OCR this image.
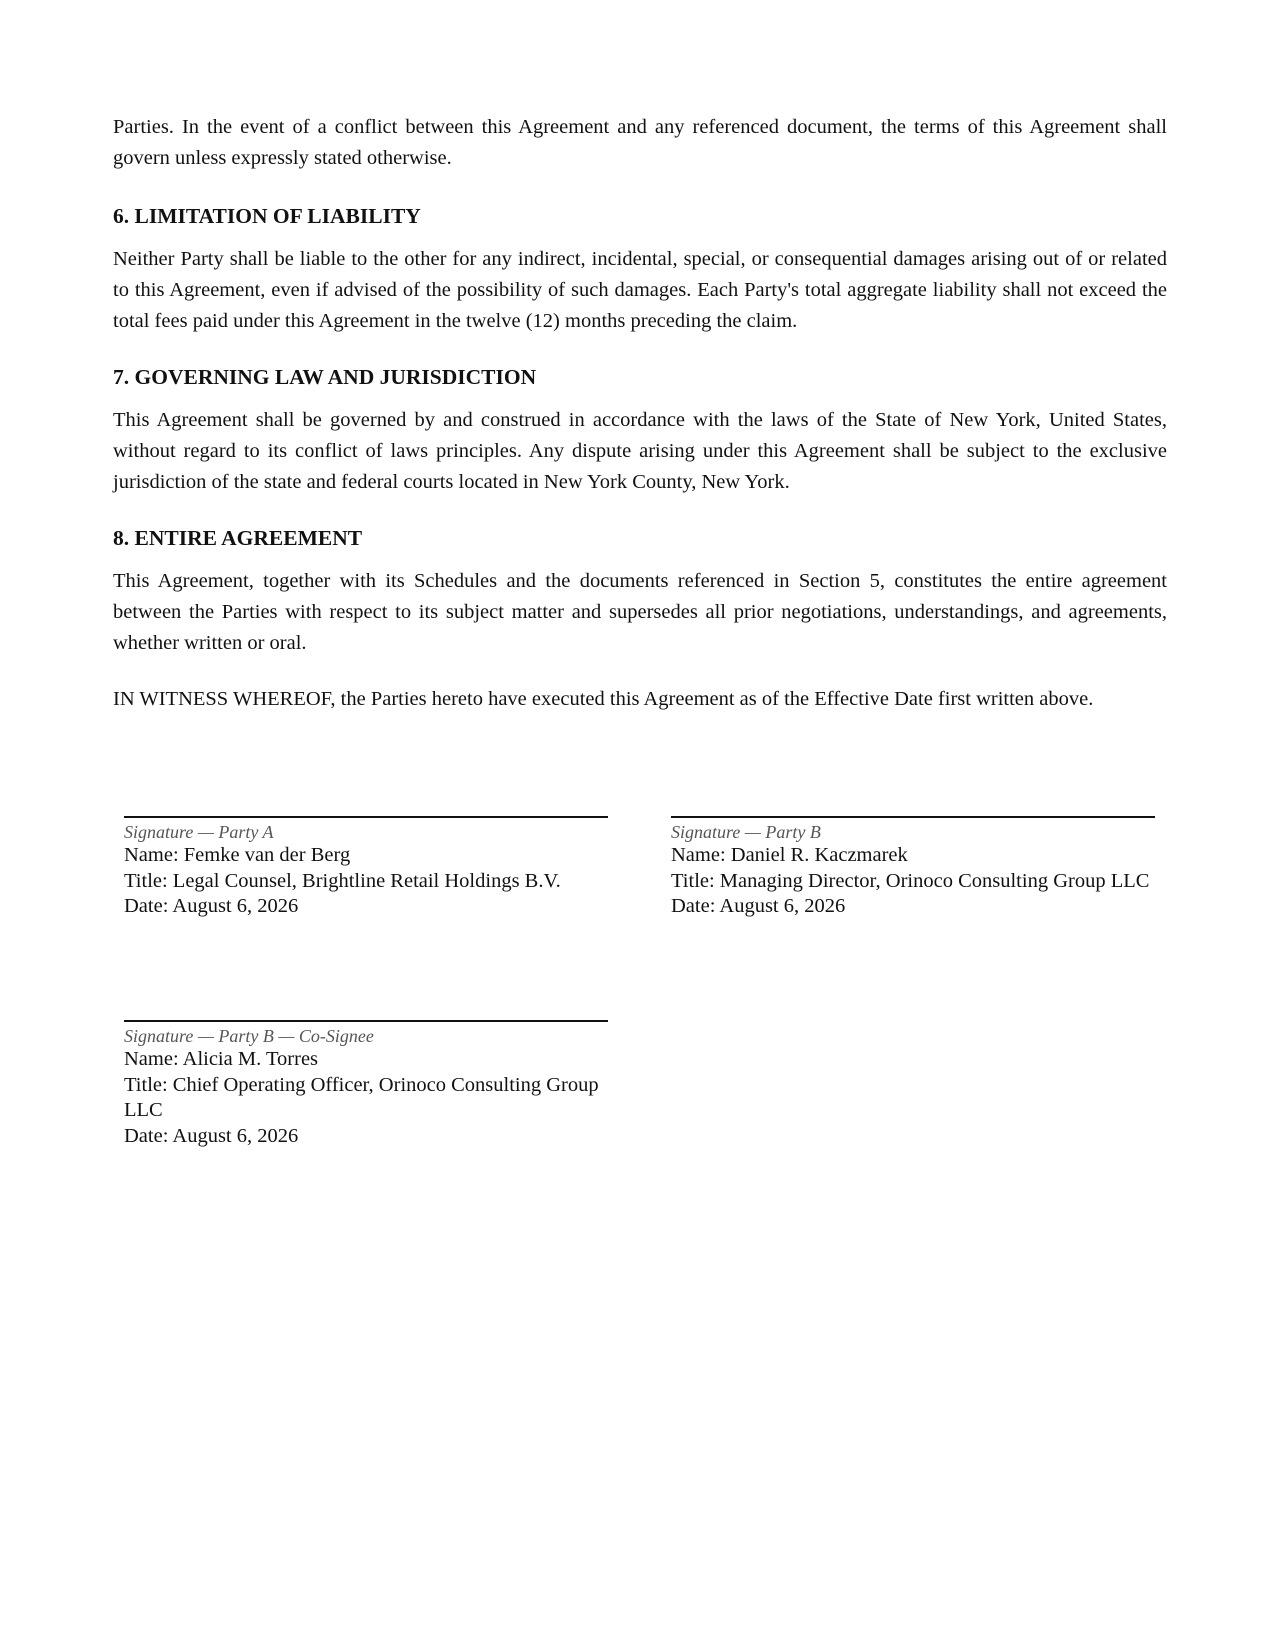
Parties. In the event of a conflict between this Agreement and any referenced document, the terms of this Agreement shall govern unless expressly stated otherwise.

6. LIMITATION OF LIABILITY

Neither Party shall be liable to the other for any indirect, incidental, special, or consequential damages arising out of or related to this Agreement, even if advised of the possibility of such damages. Each Party's total aggregate liability shall not exceed the total fees paid under this Agreement in the twelve (12) months preceding the claim.

7. GOVERNING LAW AND JURISDICTION

This Agreement shall be governed by and construed in accordance with the laws of the State of New York, United States, without regard to its conflict of laws principles. Any dispute arising under this Agreement shall be subject to the exclusive jurisdiction of the state and federal courts located in New York County, New York.

8. ENTIRE AGREEMENT

This Agreement, together with its Schedules and the documents referenced in Section 5, constitutes the entire agreement between the Parties with respect to its subject matter and supersedes all prior negotiations, understandings, and agreements, whether written or oral.

IN WITNESS WHEREOF, the Parties hereto have executed this Agreement as of the Effective Date first written above.

Signature — Party A
Name: Femke van der Berg
Title: Legal Counsel, Brightline Retail Holdings B.V.
Date: August 6, 2026
Signature — Party B
Name: Daniel R. Kaczmarek
Title: Managing Director, Orinoco Consulting Group LLC
Date: August 6, 2026
Signature — Party B — Co-Signee
Name: Alicia M. Torres
Title: Chief Operating Officer, Orinoco Consulting Group LLC
Date: August 6, 2026
